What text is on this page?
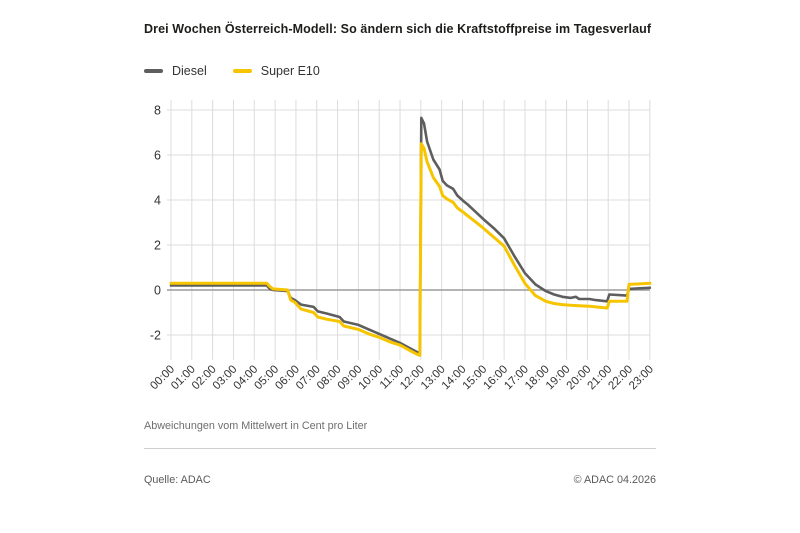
Drei Wochen Österreich-Modell: So ändern sich die Kraftstoffpreise im Tagesverlauf
Diesel	Super E10
8
6
4
2
0
-2
00:00
01:00
02:00
03:00
04:00
05:00
06:00
07:00
08:00
09:00
10:00
11:00
12:00
13:00
14:00
15:00
16:00
17:00
18:00
19:00
20:00
21:00
22:00
23:00
Abweichungen vom Mittelwert in Cent pro Liter
Quelle: ADAC	© ADAC 04.2026
